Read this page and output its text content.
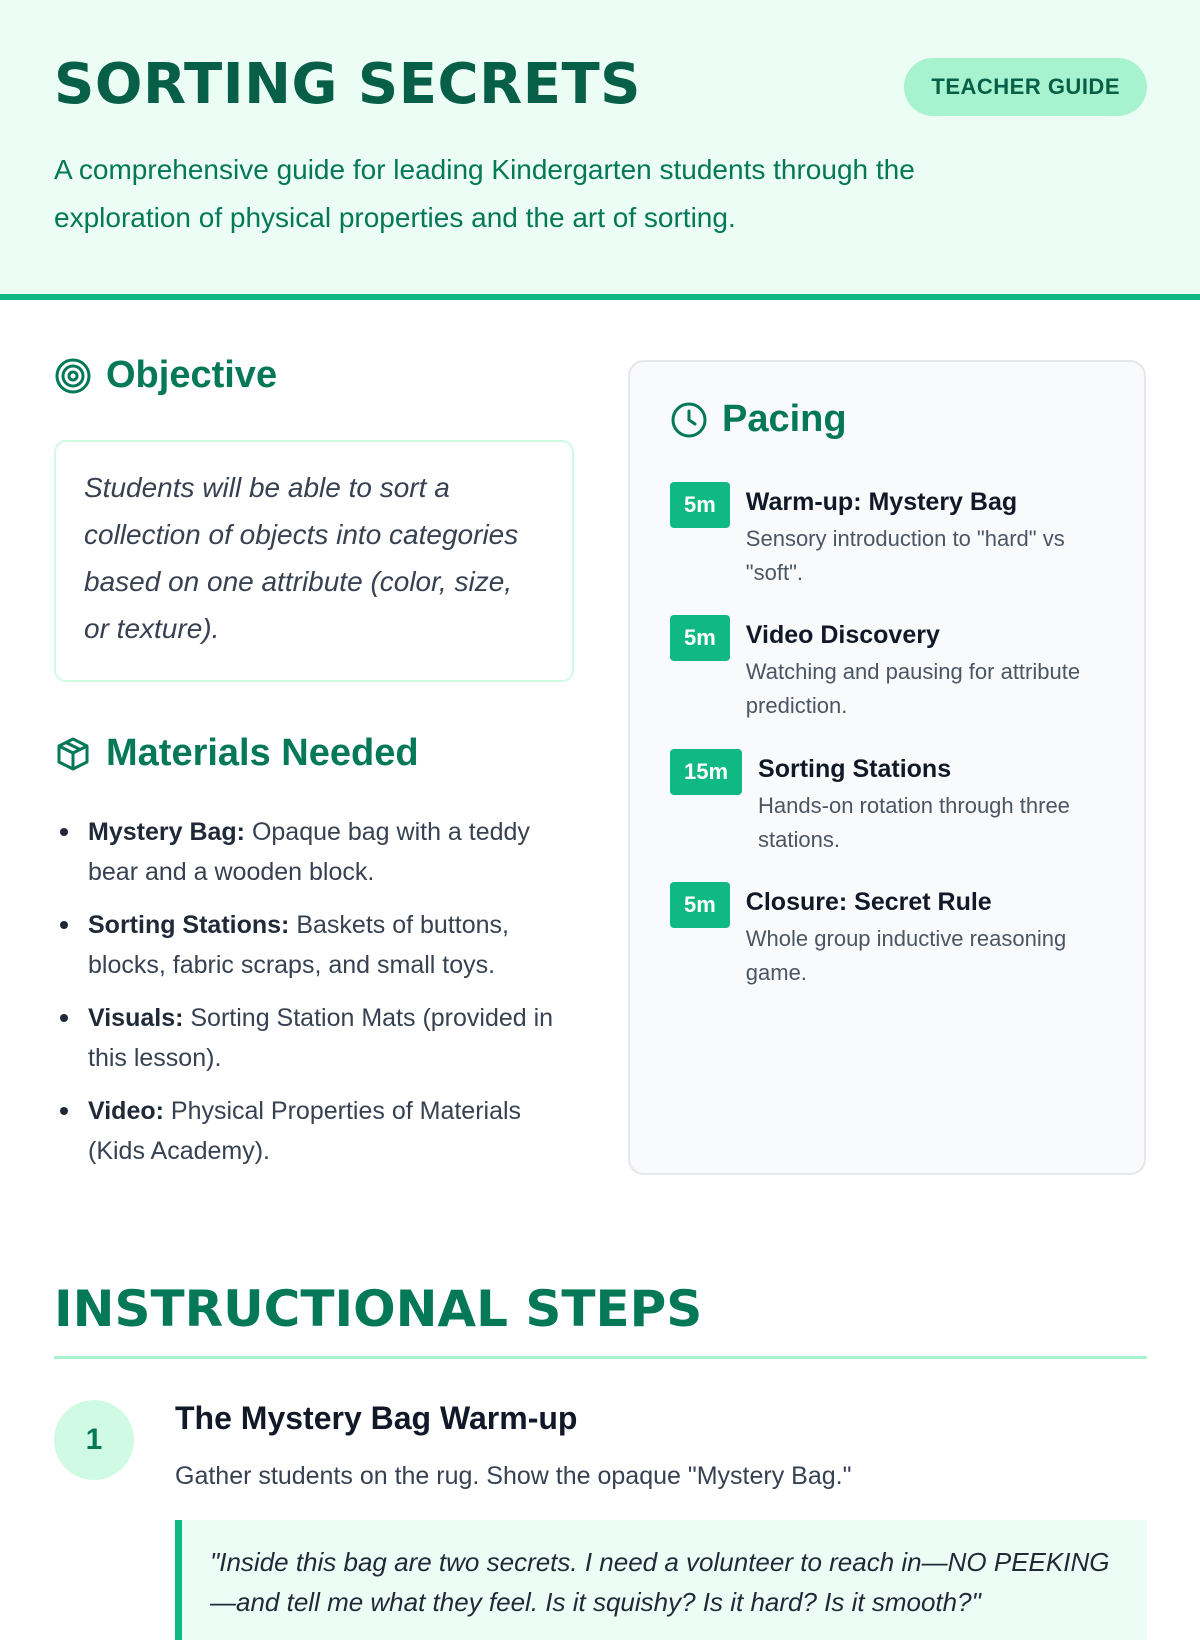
SORTING SECRETS	TEACHER GUIDE

A comprehensive guide for leading Kindergarten students through the exploration of physical properties and the art of sorting.

Objective

Students will be able to sort a collection of objects into categories based on one attribute (color, size, or texture).

Materials Needed
Mystery Bag: Opaque bag with a teddy bear and a wooden block.
Sorting Stations: Baskets of buttons, blocks, fabric scraps, and small toys.
Visuals: Sorting Station Mats (provided in this lesson).
Video: Physical Properties of Materials (Kids Academy).
Pacing
5m	Warm-up: Mystery Bag
Sensory introduction to "hard" vs "soft".
5m	Video Discovery
Watching and pausing for attribute prediction.
15m	Sorting Stations
Hands-on rotation through three stations.
5m	Closure: Secret Rule
Whole group inductive reasoning game.
INSTRUCTIONAL STEPS
1
The Mystery Bag Warm-up

Gather students on the rug. Show the opaque "Mystery Bag."

"Inside this bag are two secrets. I need a volunteer to reach in—NO PEEKING—and tell me what they feel. Is it squishy? Is it hard? Is it smooth?"
